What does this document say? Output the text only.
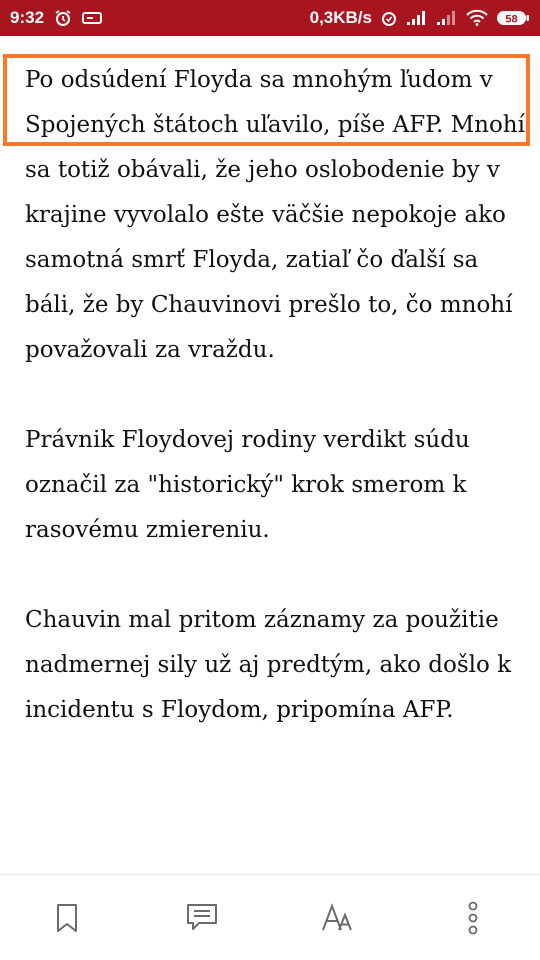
9:32	0,3KB/s	58

Po odsúdení Floyda sa mnohým ľudom v Spojených štátoch uľavilo, píše AFP. Mnohí sa totiž obávali, že jeho oslobodenie by v krajine vyvolalo ešte väčšie nepokoje ako samotná smrť Floyda, zatiaľ čo ďalší sa báli, že by Chauvinovi prešlo to, čo mnohí považovali za vraždu.

Právnik Floydovej rodiny verdikt súdu označil za "historický" krok smerom k rasovému zmiereniu.

Chauvin mal pritom záznamy za použitie nadmernej sily už aj predtým, ako došlo k incidentu s Floydom, pripomína AFP.
